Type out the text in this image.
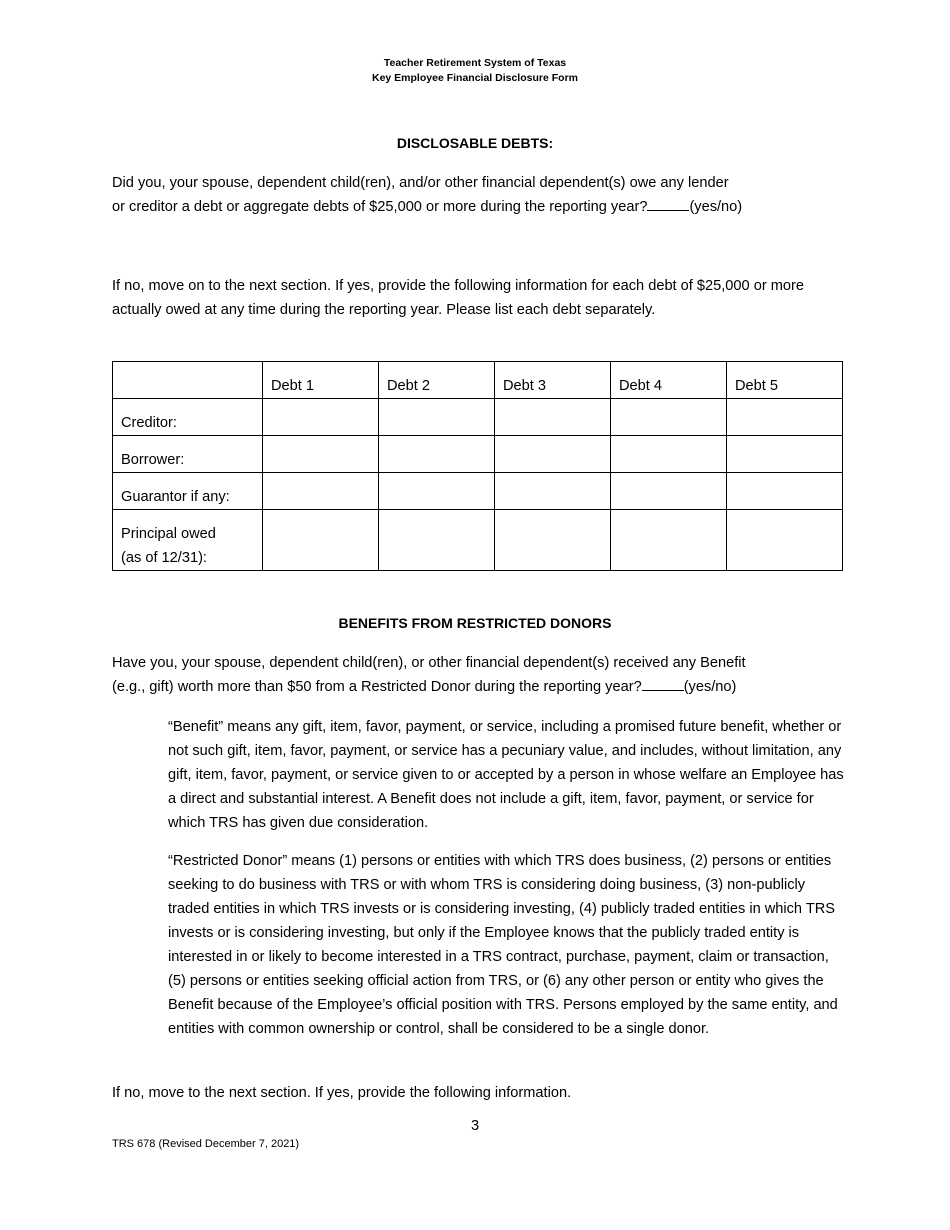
Teacher Retirement System of Texas
Key Employee Financial Disclosure Form
DISCLOSABLE DEBTS:
Did you, your spouse, dependent child(ren), and/or other financial dependent(s) owe any lender
or creditor a debt or aggregate debts of $25,000 or more during the reporting year?	(yes/no)
If no, move on to the next section. If yes, provide the following information for each debt of $25,000 or more actually owed at any time during the reporting year. Please list each debt separately.
	Debt 1	Debt 2	Debt 3	Debt 4	Debt 5
Creditor:					
Borrower:					
Guarantor if any:					

Principal owed
(as of 12/31):					

BENEFITS FROM RESTRICTED DONORS
Have you, your spouse, dependent child(ren), or other financial dependent(s) received any Benefit
(e.g., gift) worth more than $50 from a Restricted Donor during the reporting year?	(yes/no)
“Benefit” means any gift, item, favor, payment, or service, including a promised future benefit, whether or not such gift, item, favor, payment, or service has a pecuniary value, and includes, without limitation, any gift, item, favor, payment, or service given to or accepted by a person in whose welfare an Employee has a direct and substantial interest. A Benefit does not include a gift, item, favor, payment, or service for which TRS has given due consideration.
“Restricted Donor” means (1) persons or entities with which TRS does business, (2) persons or entities seeking to do business with TRS or with whom TRS is considering doing business, (3) non-publicly traded entities in which TRS invests or is considering investing, (4) publicly traded entities in which TRS invests or is considering investing, but only if the Employee knows that the publicly traded entity is interested in or likely to become interested in a TRS contract, purchase, payment, claim or transaction, (5) persons or entities seeking official action from TRS, or (6) any other person or entity who gives the Benefit because of the Employee’s official position with TRS. Persons employed by the same entity, and entities with common ownership or control, shall be considered to be a single donor.
If no, move to the next section. If yes, provide the following information.
3
TRS 678 (Revised December 7, 2021)
